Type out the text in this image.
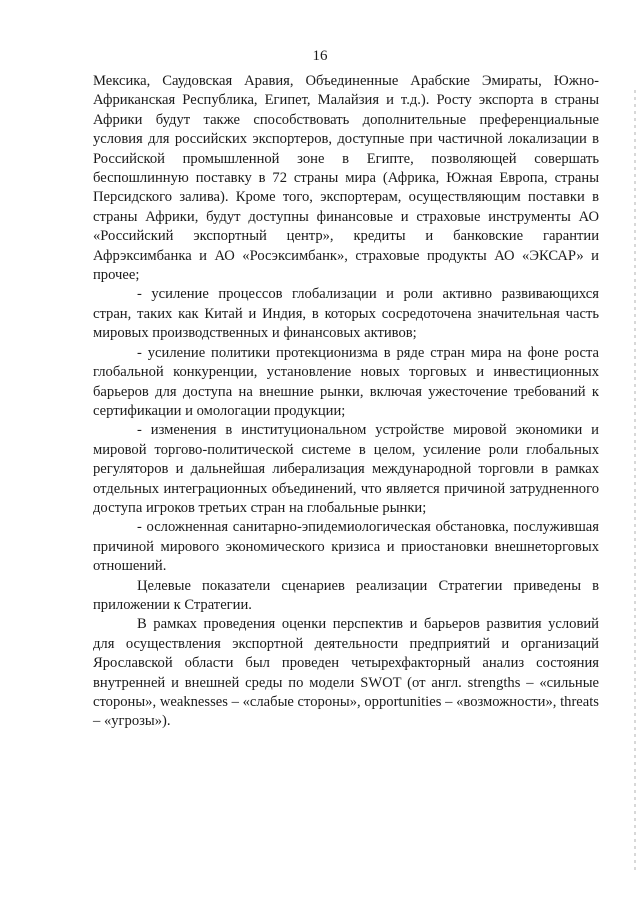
16

Мексика, Саудовская Аравия, Объединенные Арабские Эмираты, Южно-Африканская Республика, Египет, Малайзия и т.д.). Росту экспорта в страны Африки будут также способствовать дополнительные преференциальные условия для российских экспортеров, доступные при частичной локализации в Российской промышленной зоне в Египте, позволяющей совершать беспошлинную поставку в 72 страны мира (Африка, Южная Европа, страны Персидского залива). Кроме того, экспортерам, осуществляющим поставки в страны Африки, будут доступны финансовые и страховые инструменты АО «Российский экспортный центр», кредиты и банковские гарантии Афрэксимбанка и АО «Росэксимбанк», страховые продукты АО «ЭКСАР» и прочее;

- усиление процессов глобализации и роли активно развивающихся стран, таких как Китай и Индия, в которых сосредоточена значительная часть мировых производственных и финансовых активов;

- усиление политики протекционизма в ряде стран мира на фоне роста глобальной конкуренции, установление новых торговых и инвестиционных барьеров для доступа на внешние рынки, включая ужесточение требований к сертификации и омологации продукции;

- изменения в институциональном устройстве мировой экономики и мировой торгово-политической системе в целом, усиление роли глобальных регуляторов и дальнейшая либерализация международной торговли в рамках отдельных интеграционных объединений, что является причиной затрудненного доступа игроков третьих стран на глобальные рынки;

- осложненная санитарно-эпидемиологическая обстановка, послужившая причиной мирового экономического кризиса и приостановки внешнеторговых отношений.

Целевые показатели сценариев реализации Стратегии приведены в приложении к Стратегии.

В рамках проведения оценки перспектив и барьеров развития условий для осуществления экспортной деятельности предприятий и организаций Ярославской области был проведен четырехфакторный анализ состояния внутренней и внешней среды по модели SWOT (от англ. strengths – «сильные стороны», weaknesses – «слабые стороны», opportunities – «возможности», threats – «угрозы»).
